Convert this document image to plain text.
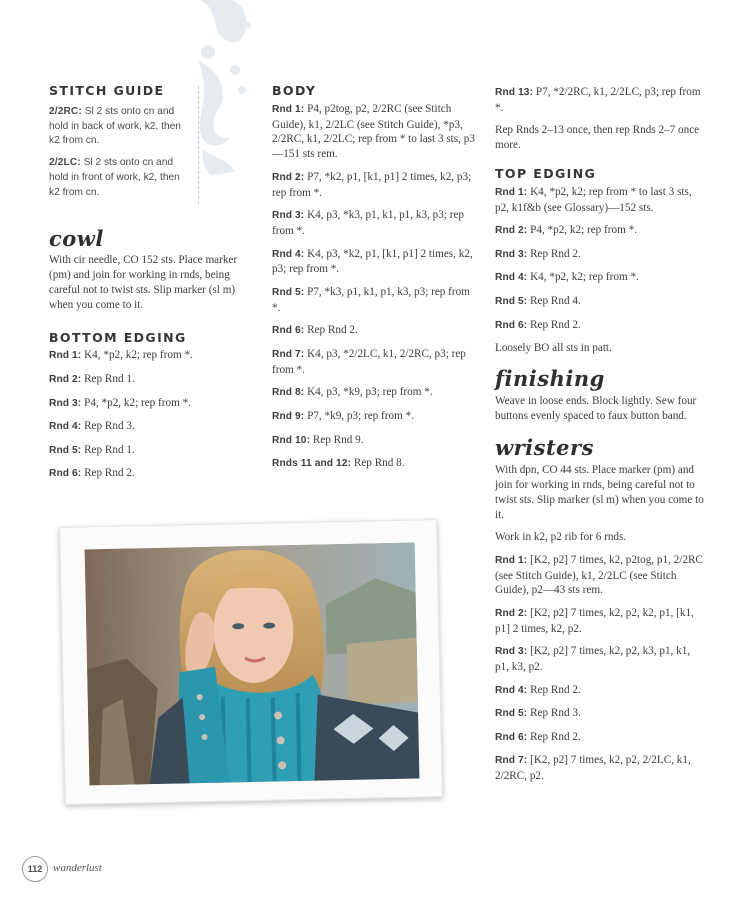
STITCH GUIDE

2/2RC: Sl 2 sts onto cn and hold in back of work, k2, then k2 from cn.

2/2LC: Sl 2 sts onto cn and hold in front of work, k2, then k2 from cn.

cowl

With cir needle, CO 152 sts. Place marker (pm) and join for working in rnds, being careful not to twist sts. Slip marker (sl m) when you come to it.

BOTTOM EDGING

Rnd 1: K4, *p2, k2; rep from *.

Rnd 2: Rep Rnd 1.

Rnd 3: P4, *p2, k2; rep from *.

Rnd 4: Rep Rnd 3.

Rnd 5: Rep Rnd 1.

Rnd 6: Rep Rnd 2.

BODY

Rnd 1: P4, p2tog, p2, 2/2RC (see Stitch Guide), k1, 2/2LC (see Stitch Guide), *p3, 2/2RC, k1, 2/2LC; rep from * to last 3 sts, p3—151 sts rem.

Rnd 2: P7, *k2, p1, [k1, p1] 2 times, k2, p3; rep from *.

Rnd 3: K4, p3, *k3, p1, k1, p1, k3, p3; rep from *.

Rnd 4: K4, p3, *k2, p1, [k1, p1] 2 times, k2, p3; rep from *.

Rnd 5: P7, *k3, p1, k1, p1, k3, p3; rep from *.

Rnd 6: Rep Rnd 2.

Rnd 7: K4, p3, *2/2LC, k1, 2/2RC, p3; rep from *.

Rnd 8: K4, p3, *k9, p3; rep from *.

Rnd 9: P7, *k9, p3; rep from *.

Rnd 10: Rep Rnd 9.

Rnds 11 and 12: Rep Rnd 8.

Rnd 13: P7, *2/2RC, k1, 2/2LC, p3; rep from *.

Rep Rnds 2–13 once, then rep Rnds 2–7 once more.

TOP EDGING

Rnd 1: K4, *p2, k2; rep from * to last 3 sts, p2, k1f&b (see Glossary)—152 sts.

Rnd 2: P4, *p2, k2; rep from *.

Rnd 3: Rep Rnd 2.

Rnd 4: K4, *p2, k2; rep from *.

Rnd 5: Rep Rnd 4.

Rnd 6: Rep Rnd 2.

Loosely BO all sts in patt.

finishing

Weave in loose ends. Block lightly. Sew four buttons evenly spaced to faux button band.

wristers

With dpn, CO 44 sts. Place marker (pm) and join for working in rnds, being careful not to twist sts. Slip marker (sl m) when you come to it.

Work in k2, p2 rib for 6 rnds.

Rnd 1: [K2, p2] 7 times, k2, p2tog, p1, 2/2RC (see Stitch Guide), k1, 2/2LC (see Stitch Guide), p2—43 sts rem.

Rnd 2: [K2, p2] 7 times, k2, p2, k2, p1, [k1, p1] 2 times, k2, p2.

Rnd 3: [K2, p2] 7 times, k2, p2, k3, p1, k1, p1, k3, p2.

Rnd 4: Rep Rnd 2.

Rnd 5: Rep Rnd 3.

Rnd 6: Rep Rnd 2.

Rnd 7: [K2, p2] 7 times, k2, p2, 2/2LC, k1, 2/2RC, p2.

112 wanderlust
